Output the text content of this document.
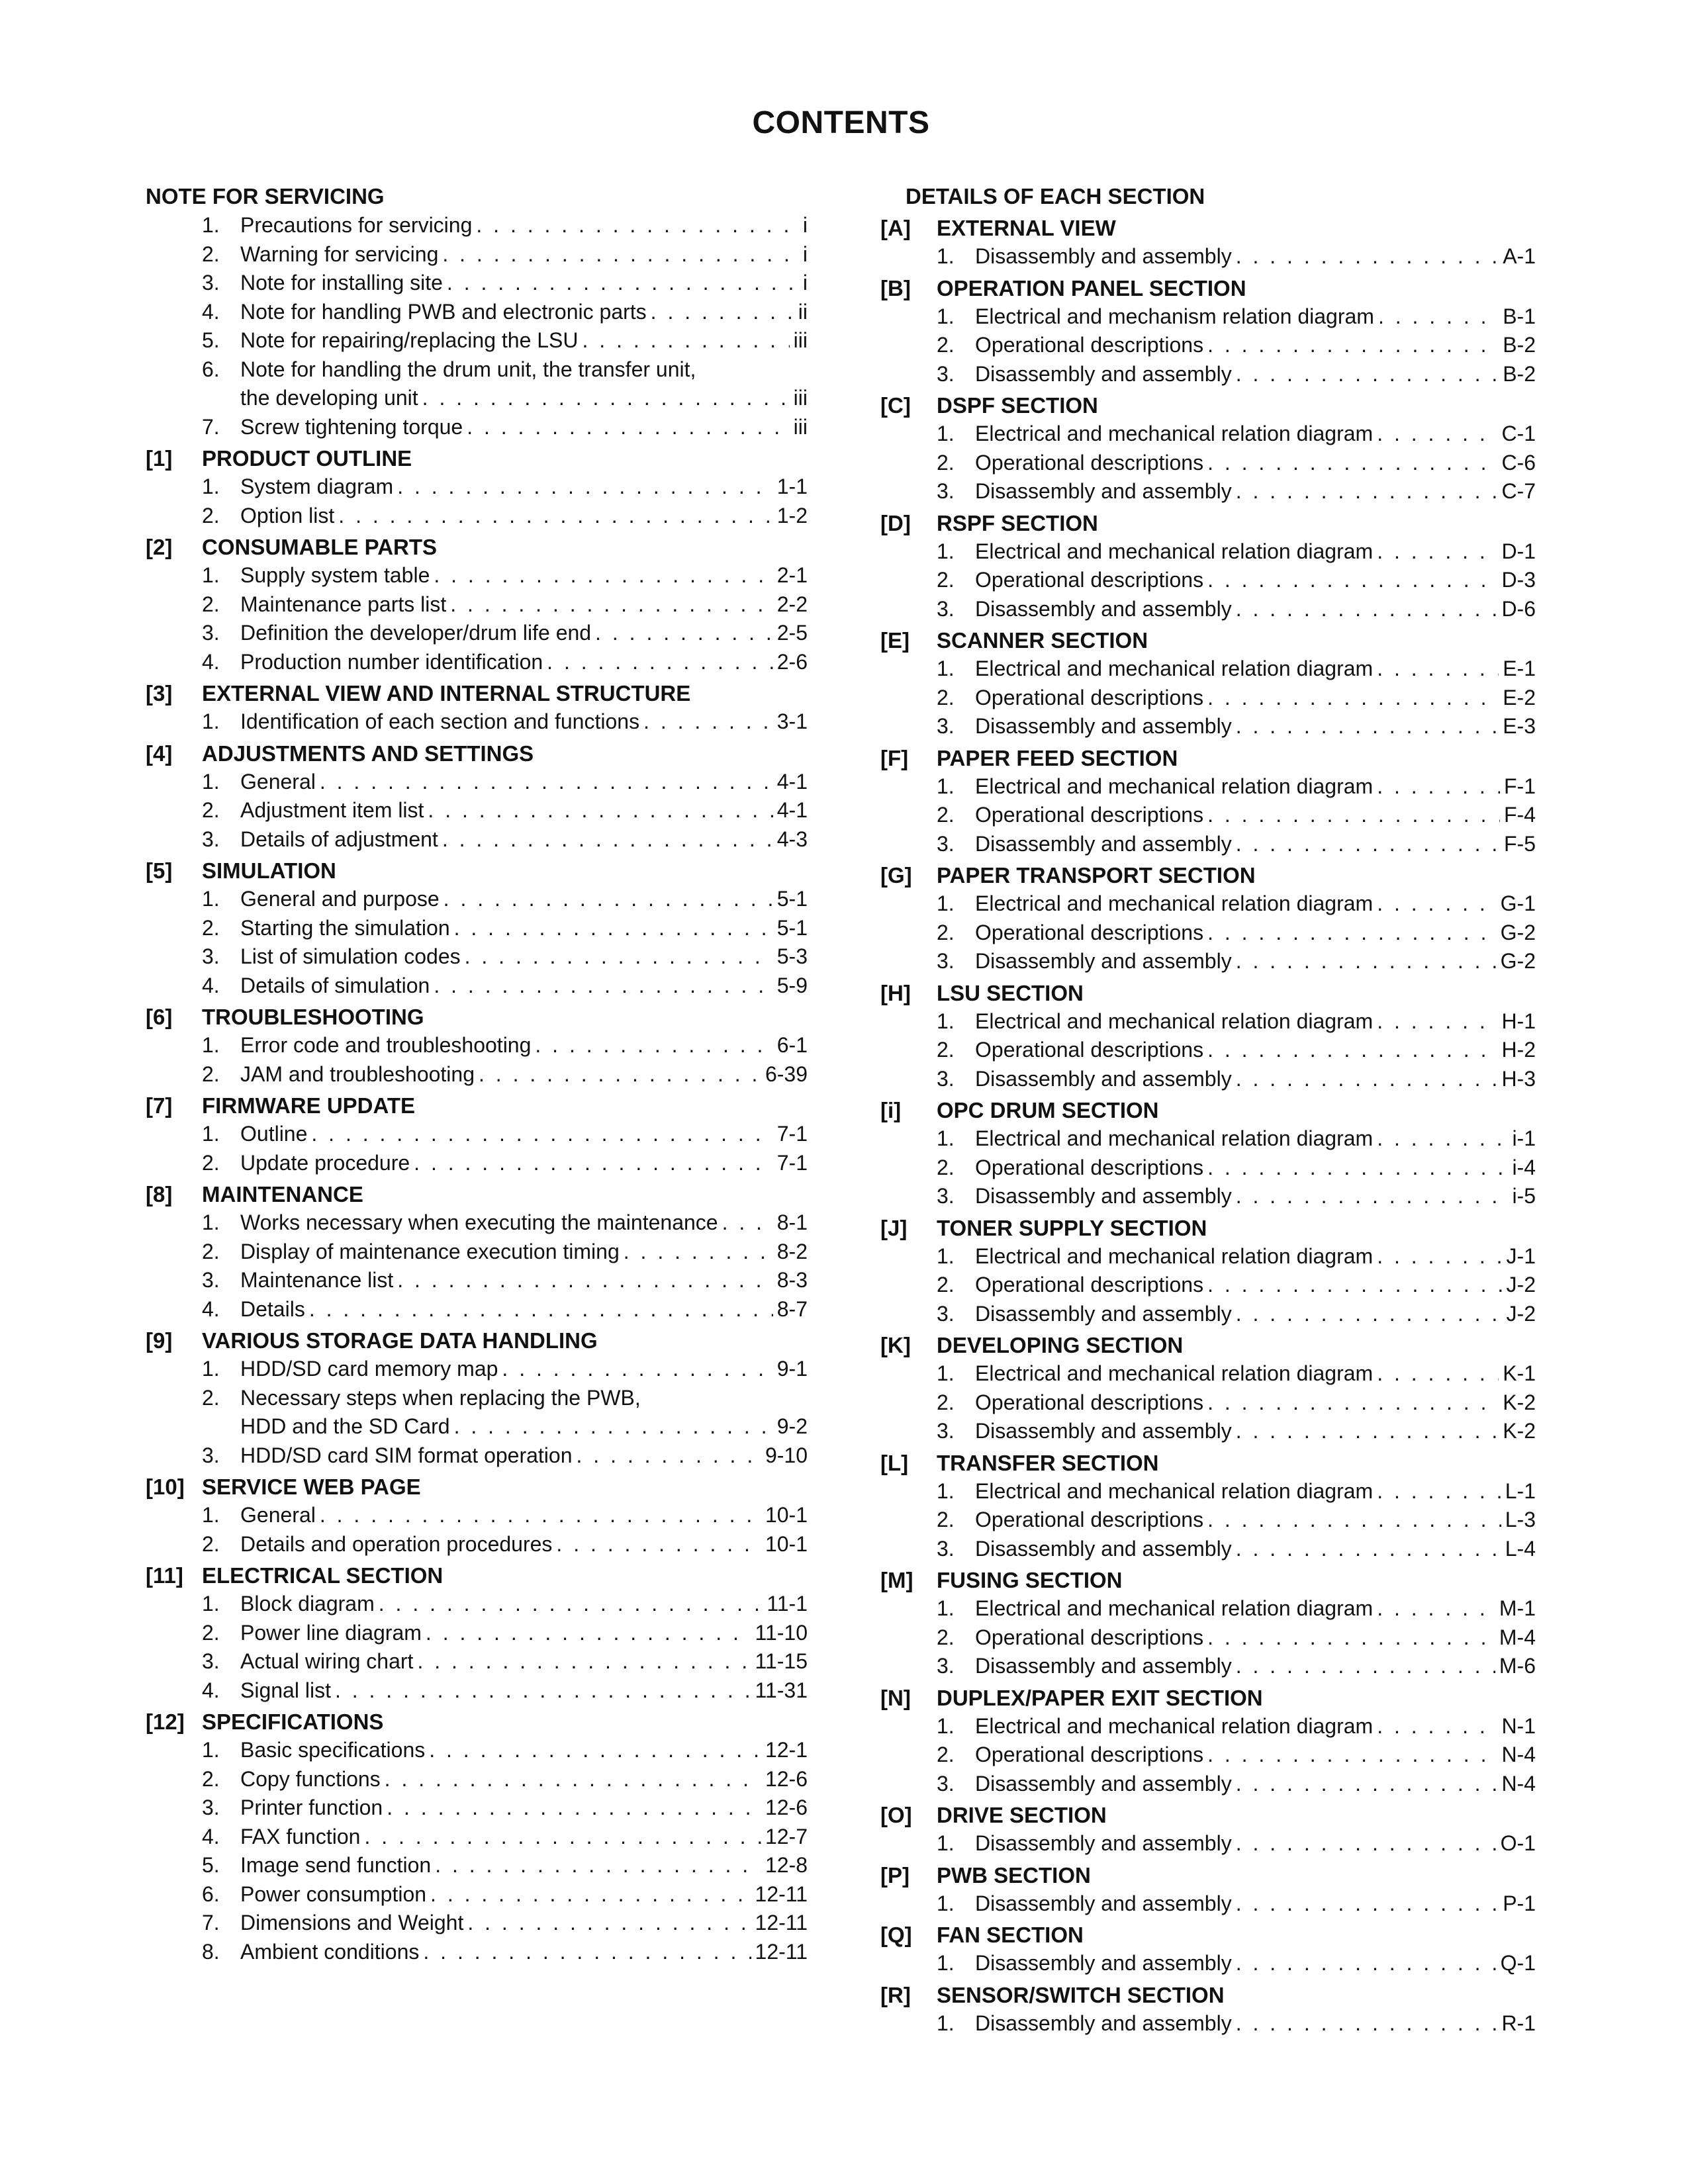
CONTENTS
NOTE FOR SERVICING
1. Precautions for servicing . . .	i
2. Warning for servicing . . .	i
3. Note for installing site . . .	i
4. Note for handling PWB and electronic parts . . .	ii
5. Note for repairing/replacing the LSU . . .	iii
6. Note for handling the drum unit, the transfer unit,
the developing unit . . .	iii
7. Screw tightening torque . . .	iii
[1]	PRODUCT OUTLINE
1. System diagram . . .	1-1
2. Option list . . .	1-2
[2]	CONSUMABLE PARTS
1. Supply system table . . .	2-1
2. Maintenance parts list . . .	2-2
3. Definition the developer/drum life end . . .	2-5
4. Production number identification . . .	2-6
[3]	EXTERNAL VIEW AND INTERNAL STRUCTURE
1. Identification of each section and functions . . .	3-1
[4]	ADJUSTMENTS AND SETTINGS
1. General . . .	4-1
2. Adjustment item list . . .	4-1
3. Details of adjustment . . .	4-3
[5]	SIMULATION
1. General and purpose . . .	5-1
2. Starting the simulation . . .	5-1
3. List of simulation codes . . .	5-3
4. Details of simulation . . .	5-9
[6]	TROUBLESHOOTING
1. Error code and troubleshooting . . .	6-1
2. JAM and troubleshooting . . .	6-39
[7]	FIRMWARE UPDATE
1. Outline . . .	7-1
2. Update procedure . . .	7-1
[8]	MAINTENANCE
1. Works necessary when executing the maintenance . . .	8-1
2. Display of maintenance execution timing . . .	8-2
3. Maintenance list . . .	8-3
4. Details . . .	8-7
[9]	VARIOUS STORAGE DATA HANDLING
1. HDD/SD card memory map . . .	9-1
2. Necessary steps when replacing the PWB,
HDD and the SD Card . . .	9-2
3. HDD/SD card SIM format operation . . .	9-10
[10] SERVICE WEB PAGE
1. General . . .	10-1
2. Details and operation procedures . . .	10-1
[11] ELECTRICAL SECTION
1. Block diagram . . .	11-1
2. Power line diagram . . .	11-10
3. Actual wiring chart . . .	11-15
4. Signal list . . .	11-31
[12] SPECIFICATIONS
1. Basic specifications . . .	12-1
2. Copy functions . . .	12-6
3. Printer function . . .	12-6
4. FAX function . . .	12-7
5. Image send function . . .	12-8
6. Power consumption . . .	12-11
7. Dimensions and Weight . . .	12-11
8. Ambient conditions . . .	12-11
DETAILS OF EACH SECTION
[A]	EXTERNAL VIEW
1. Disassembly and assembly . . .	A-1
[B]	OPERATION PANEL SECTION
1. Electrical and mechanism relation diagram . . .	B-1
2. Operational descriptions . . .	B-2
3. Disassembly and assembly . . .	B-2
[C]	DSPF SECTION
1. Electrical and mechanical relation diagram . . .	C-1
2. Operational descriptions . . .	C-6
3. Disassembly and assembly . . .	C-7
[D]	RSPF SECTION
1. Electrical and mechanical relation diagram . . .	D-1
2. Operational descriptions . . .	D-3
3. Disassembly and assembly . . .	D-6
[E]	SCANNER SECTION
1. Electrical and mechanical relation diagram . . .	E-1
2. Operational descriptions . . .	E-2
3. Disassembly and assembly . . .	E-3
[F]	PAPER FEED SECTION
1. Electrical and mechanical relation diagram . . .	F-1
2. Operational descriptions . . .	F-4
3. Disassembly and assembly . . .	F-5
[G]	PAPER TRANSPORT SECTION
1. Electrical and mechanical relation diagram . . .	G-1
2. Operational descriptions . . .	G-2
3. Disassembly and assembly . . .	G-2
[H]	LSU SECTION
1. Electrical and mechanical relation diagram . . .	H-1
2. Operational descriptions . . .	H-2
3. Disassembly and assembly . . .	H-3
[i]	OPC DRUM SECTION
1. Electrical and mechanical relation diagram . . .	i-1
2. Operational descriptions . . .	i-4
3. Disassembly and assembly . . .	i-5
[J]	TONER SUPPLY SECTION
1. Electrical and mechanical relation diagram . . .	J-1
2. Operational descriptions . . .	J-2
3. Disassembly and assembly . . .	J-2
[K]	DEVELOPING SECTION
1. Electrical and mechanical relation diagram . . .	K-1
2. Operational descriptions . . .	K-2
3. Disassembly and assembly . . .	K-2
[L]	TRANSFER SECTION
1. Electrical and mechanical relation diagram . . .	L-1
2. Operational descriptions . . .	L-3
3. Disassembly and assembly . . .	L-4
[M]	FUSING SECTION
1. Electrical and mechanical relation diagram . . .	M-1
2. Operational descriptions . . .	M-4
3. Disassembly and assembly . . .	M-6
[N]	DUPLEX/PAPER EXIT SECTION
1. Electrical and mechanical relation diagram . . .	N-1
2. Operational descriptions . . .	N-4
3. Disassembly and assembly . . .	N-4
[O]	DRIVE SECTION
1. Disassembly and assembly . . .	O-1
[P]	PWB SECTION
1. Disassembly and assembly . . .	P-1
[Q]	FAN SECTION
1. Disassembly and assembly . . .	Q-1
[R]	SENSOR/SWITCH SECTION
1. Disassembly and assembly . . .	R-1
